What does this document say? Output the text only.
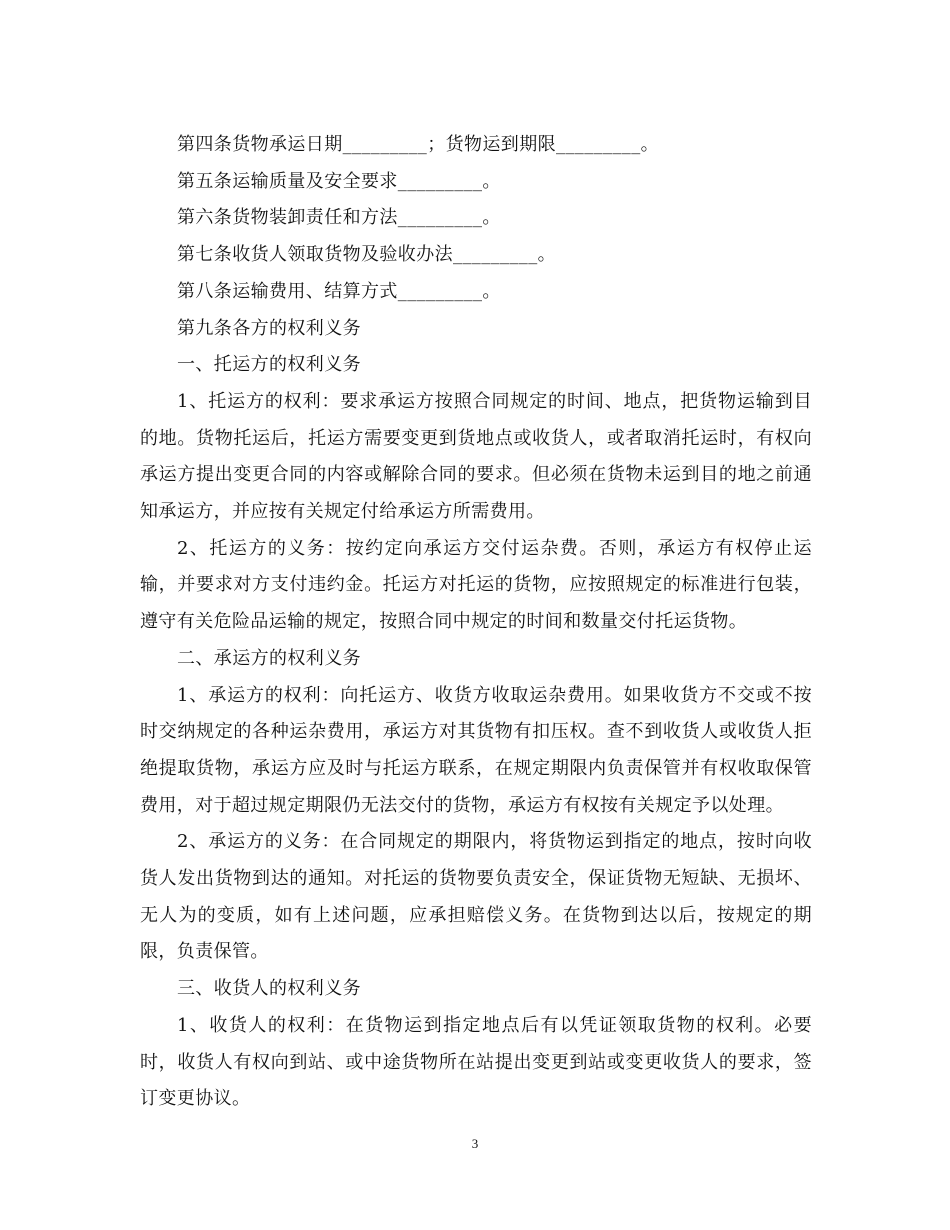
第四条货物承运日期_________；货物运到期限_________。

第五条运输质量及安全要求_________。

第六条货物装卸责任和方法_________。

第七条收货人领取货物及验收办法_________。

第八条运输费用、结算方式_________。

第九条各方的权利义务

一、托运方的权利义务

1、托运方的权利：要求承运方按照合同规定的时间、地点，把货物运输到目的地。货物托运后，托运方需要变更到货地点或收货人，或者取消托运时，有权向承运方提出变更合同的内容或解除合同的要求。但必须在货物未运到目的地之前通知承运方，并应按有关规定付给承运方所需费用。

2、托运方的义务：按约定向承运方交付运杂费。否则，承运方有权停止运输，并要求对方支付违约金。托运方对托运的货物，应按照规定的标准进行包装，遵守有关危险品运输的规定，按照合同中规定的时间和数量交付托运货物。

二、承运方的权利义务

1、承运方的权利：向托运方、收货方收取运杂费用。如果收货方不交或不按时交纳规定的各种运杂费用，承运方对其货物有扣压权。查不到收货人或收货人拒绝提取货物，承运方应及时与托运方联系，在规定期限内负责保管并有权收取保管费用，对于超过规定期限仍无法交付的货物，承运方有权按有关规定予以处理。

2、承运方的义务：在合同规定的期限内，将货物运到指定的地点，按时向收货人发出货物到达的通知。对托运的货物要负责安全，保证货物无短缺、无损坏、无人为的变质，如有上述问题，应承担赔偿义务。在货物到达以后，按规定的期限，负责保管。

三、收货人的权利义务

1、收货人的权利：在货物运到指定地点后有以凭证领取货物的权利。必要时，收货人有权向到站、或中途货物所在站提出变更到站或变更收货人的要求，签订变更协议。

3
